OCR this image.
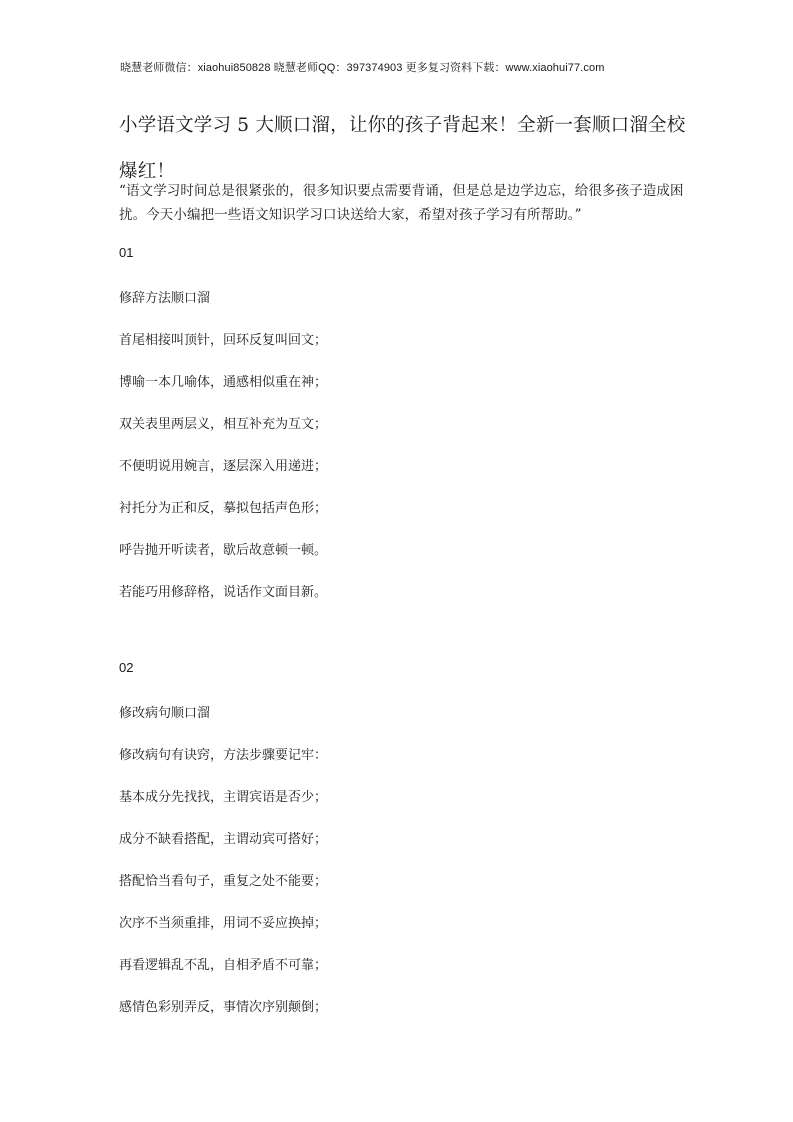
晓慧老师微信：xiaohui850828 晓慧老师QQ：397374903 更多复习资料下载：www.xiaohui77.com
小学语文学习 5 大顺口溜，让你的孩子背起来！全新一套顺口溜全校爆红！

“语文学习时间总是很紧张的，很多知识要点需要背诵，但是总是边学边忘，给很多孩子造成困扰。今天小编把一些语文知识学习口诀送给大家，希望对孩子学习有所帮助。”

01
修辞方法顺口溜
首尾相接叫顶针，回环反复叫回文；
博喻一本几喻体，通感相似重在神；
双关表里两层义，相互补充为互文；
不便明说用婉言，逐层深入用递进；
衬托分为正和反，摹拟包括声色形；
呼告抛开听读者，歇后故意顿一顿。
若能巧用修辞格，说话作文面目新。
02
修改病句顺口溜
修改病句有诀窍，方法步骤要记牢：
基本成分先找找，主谓宾语是否少；
成分不缺看搭配，主谓动宾可搭好；
搭配恰当看句子，重复之处不能要；
次序不当须重排，用词不妥应换掉；
再看逻辑乱不乱，自相矛盾不可靠；
感情色彩别弄反，事情次序别颠倒；
